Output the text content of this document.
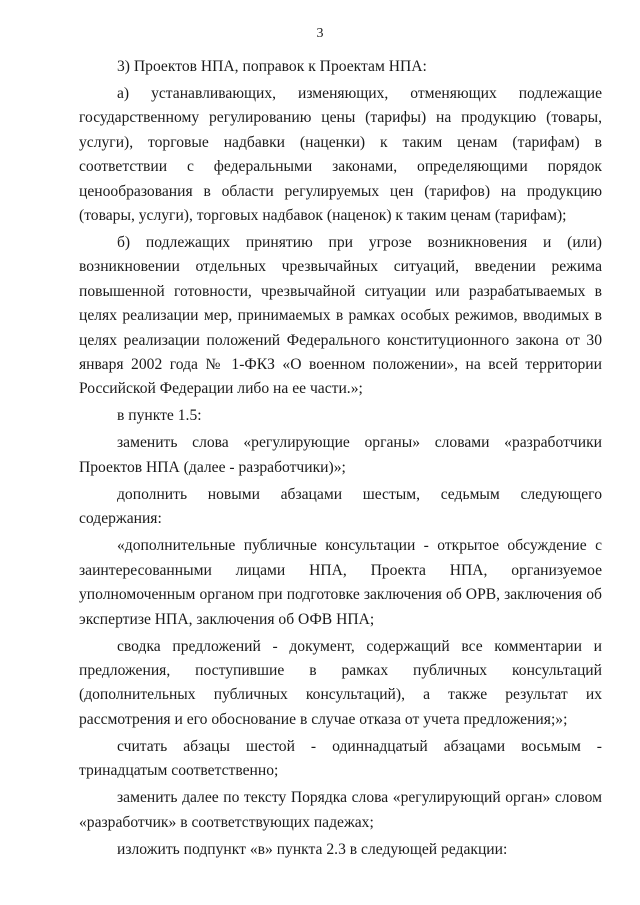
3

3) Проектов НПА, поправок к Проектам НПА:

а) устанавливающих, изменяющих, отменяющих подлежащие государственному регулированию цены (тарифы) на продукцию (товары, услуги), торговые надбавки (наценки) к таким ценам (тарифам) в соответствии с федеральными законами, определяющими порядок ценообразования в области регулируемых цен (тарифов) на продукцию (товары, услуги), торговых надбавок (наценок) к таким ценам (тарифам);

б) подлежащих принятию при угрозе возникновения и (или) возникновении отдельных чрезвычайных ситуаций, введении режима повышенной готовности, чрезвычайной ситуации или разрабатываемых в целях реализации мер, принимаемых в рамках особых режимов, вводимых в целях реализации положений Федерального конституционного закона от 30 января 2002 года № 1-ФКЗ «О военном положении», на всей территории Российской Федерации либо на ее части.»;

в пункте 1.5:

заменить слова «регулирующие органы» словами «разработчики Проектов НПА (далее - разработчики)»;

дополнить новыми абзацами шестым, седьмым следующего содержания:

«дополнительные публичные консультации - открытое обсуждение с заинтересованными лицами НПА, Проекта НПА, организуемое уполномоченным органом при подготовке заключения об ОРВ, заключения об экспертизе НПА, заключения об ОФВ НПА;

сводка предложений - документ, содержащий все комментарии и предложения, поступившие в рамках публичных консультаций (дополнительных публичных консультаций), а также результат их рассмотрения и его обоснование в случае отказа от учета предложения;»;

считать абзацы шестой - одиннадцатый абзацами восьмым - тринадцатым соответственно;

заменить далее по тексту Порядка слова «регулирующий орган» словом «разработчик» в соответствующих падежах;

изложить подпункт «в» пункта 2.3 в следующей редакции:
